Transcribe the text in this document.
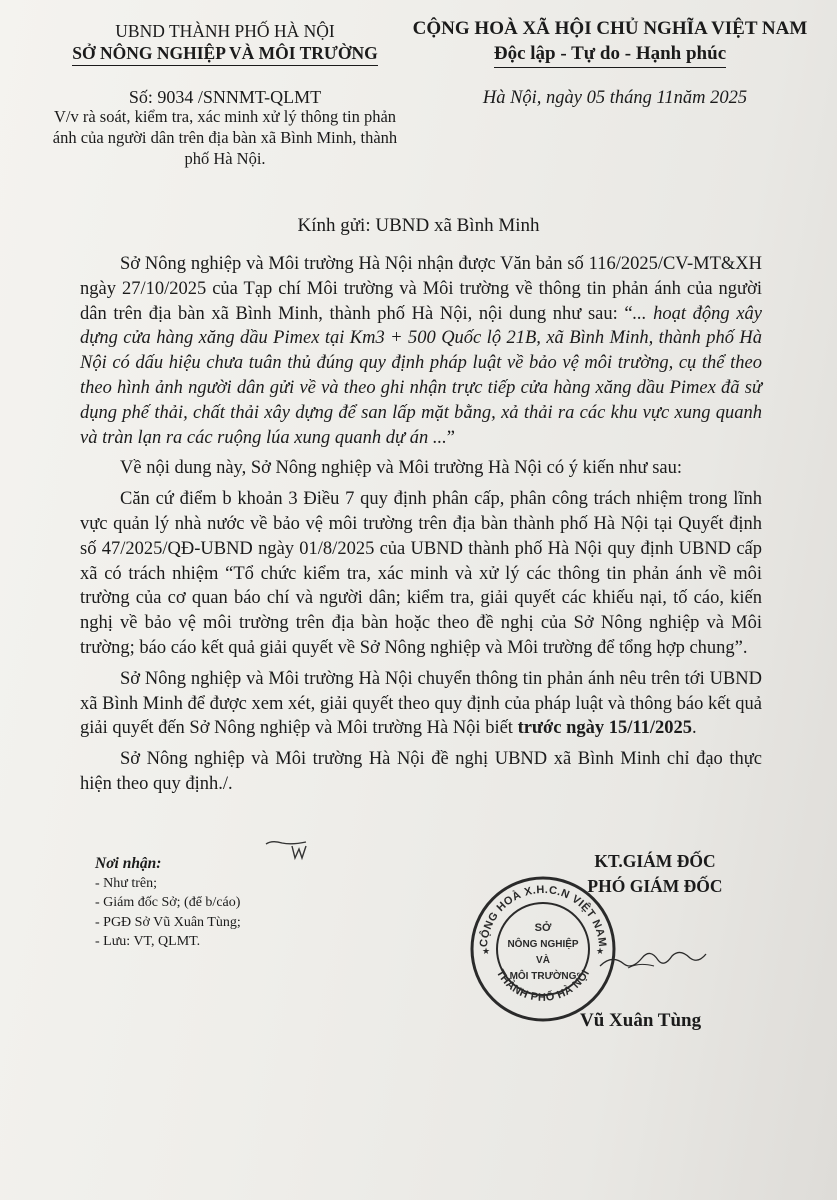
UBND THÀNH PHỐ HÀ NỘI
SỞ NÔNG NGHIỆP VÀ MÔI TRƯỜNG
CỘNG HOÀ XÃ HỘI CHỦ NGHĨA VIỆT NAM
Độc lập - Tự do - Hạnh phúc
Số: 9034 /SNNMT-QLMT
V/v rà soát, kiểm tra, xác minh xử lý thông tin phản ánh của người dân trên địa bàn xã Bình Minh, thành phố Hà Nội.
Hà Nội, ngày 05 tháng 11năm 2025
Kính gửi: UBND xã Bình Minh

Sở Nông nghiệp và Môi trường Hà Nội nhận được Văn bản số 116/2025/CV-MT&XH ngày 27/10/2025 của Tạp chí Môi trường và Môi trường về thông tin phản ánh của người dân trên địa bàn xã Bình Minh, thành phố Hà Nội, nội dung như sau: “... hoạt động xây dựng cửa hàng xăng dầu Pimex tại Km3 + 500 Quốc lộ 21B, xã Bình Minh, thành phố Hà Nội có dấu hiệu chưa tuân thủ đúng quy định pháp luật về bảo vệ môi trường, cụ thể theo theo hình ảnh người dân gửi về và theo ghi nhận trực tiếp cửa hàng xăng dầu Pimex đã sử dụng phế thải, chất thải xây dựng để san lấp mặt bằng, xả thải ra các khu vực xung quanh và tràn lạn ra các ruộng lúa xung quanh dự án ...”

Về nội dung này, Sở Nông nghiệp và Môi trường Hà Nội có ý kiến như sau:

Căn cứ điểm b khoản 3 Điều 7 quy định phân cấp, phân công trách nhiệm trong lĩnh vực quản lý nhà nước về bảo vệ môi trường trên địa bàn thành phố Hà Nội tại Quyết định số 47/2025/QĐ-UBND ngày 01/8/2025 của UBND thành phố Hà Nội quy định UBND cấp xã có trách nhiệm “Tổ chức kiểm tra, xác minh và xử lý các thông tin phản ánh về môi trường của cơ quan báo chí và người dân; kiểm tra, giải quyết các khiếu nại, tố cáo, kiến nghị về bảo vệ môi trường trên địa bàn hoặc theo đề nghị của Sở Nông nghiệp và Môi trường; báo cáo kết quả giải quyết về Sở Nông nghiệp và Môi trường để tổng hợp chung”.

Sở Nông nghiệp và Môi trường Hà Nội chuyển thông tin phản ánh nêu trên tới UBND xã Bình Minh để được xem xét, giải quyết theo quy định của pháp luật và thông báo kết quả giải quyết đến Sở Nông nghiệp và Môi trường Hà Nội biết trước ngày 15/11/2025.

Sở Nông nghiệp và Môi trường Hà Nội đề nghị UBND xã Bình Minh chỉ đạo thực hiện theo quy định./.

Nơi nhận:
- Như trên;
- Giám đốc Sở; (để b/cáo)
- PGĐ Sở Vũ Xuân Tùng;
- Lưu: VT, QLMT.
KT.GIÁM ĐỐC
PHÓ GIÁM ĐỐC
CỘNG HOÀ X.H.C.N VIỆT NAM
THÀNH PHỐ HÀ NỘI
★	★
SỞ
NÔNG NGHIỆP
VÀ
MÔI TRƯỜNG
Vũ Xuân Tùng
